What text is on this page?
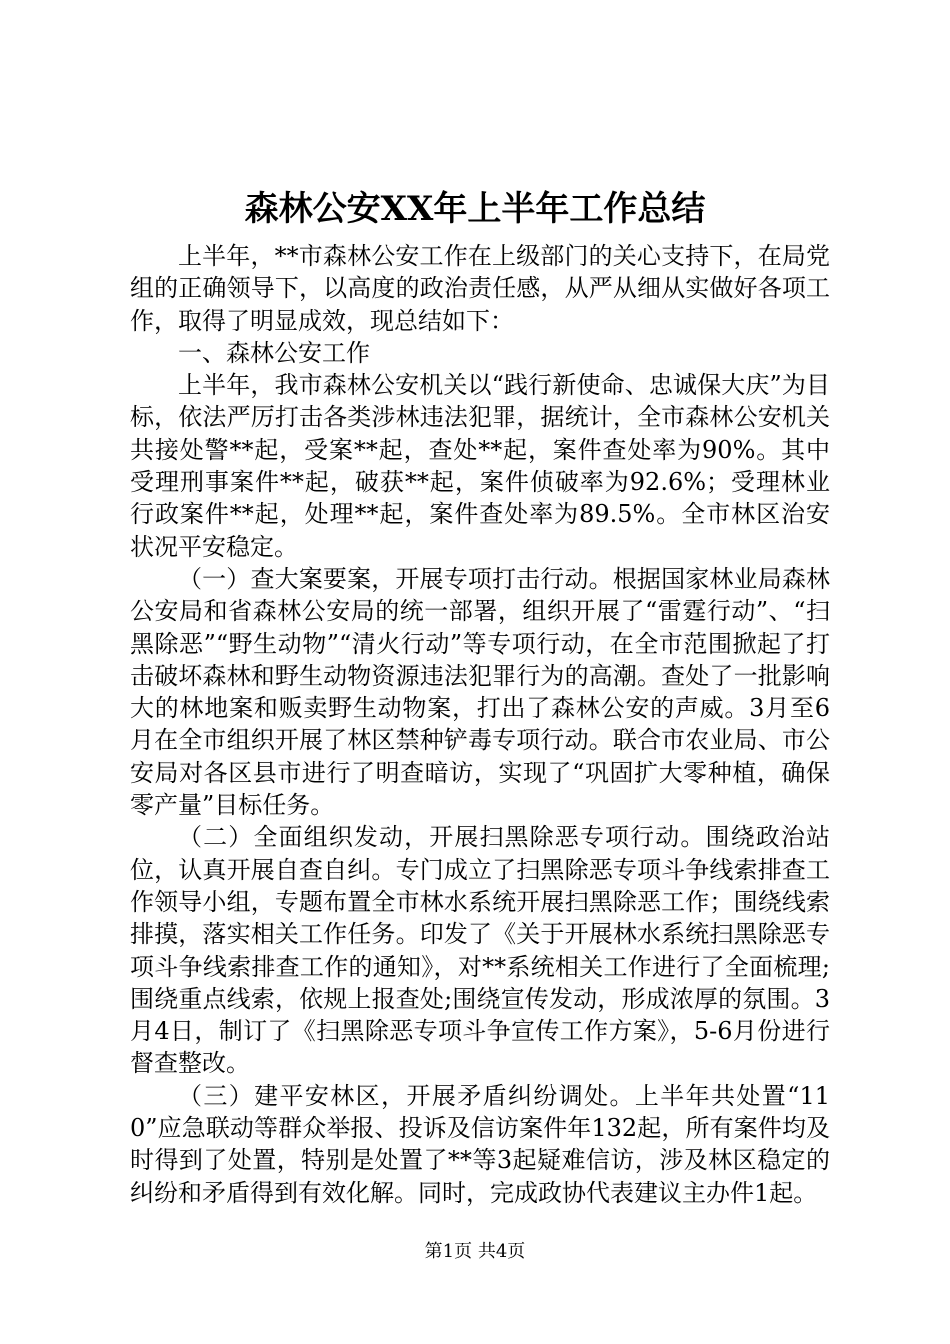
森林公安XX年上半年工作总结

上半年，**市森林公安工作在上级部门的关心支持下，在局党组的正确领导下，以高度的政治责任感，从严从细从实做好各项工作，取得了明显成效，现总结如下：

一、森林公安工作

上半年，我市森林公安机关以“践行新使命、忠诚保大庆”为目标，依法严厉打击各类涉林违法犯罪，据统计，全市森林公安机关共接处警**起，受案**起，查处**起，案件查处率为90%。其中受理刑事案件**起，破获**起，案件侦破率为92.6%；受理林业行政案件**起，处理**起，案件查处率为89.5%。全市林区治安状况平安稳定。

（一）查大案要案，开展专项打击行动。根据国家林业局森林公安局和省森林公安局的统一部署，组织开展了“雷霆行动”、“扫黑除恶”“野生动物”“清火行动”等专项行动，在全市范围掀起了打击破坏森林和野生动物资源违法犯罪行为的高潮。查处了一批影响大的林地案和贩卖野生动物案，打出了森林公安的声威。3月至6月在全市组织开展了林区禁种铲毒专项行动。联合市农业局、市公安局对各区县市进行了明查暗访，实现了“巩固扩大零种植，确保零产量”目标任务。

（二）全面组织发动，开展扫黑除恶专项行动。围绕政治站位，认真开展自查自纠。专门成立了扫黑除恶专项斗争线索排查工作领导小组，专题布置全市林水系统开展扫黑除恶工作；围绕线索排摸，落实相关工作任务。印发了《关于开展林水系统扫黑除恶专项斗争线索排查工作的通知》，对**系统相关工作进行了全面梳理;围绕重点线索，依规上报查处;围绕宣传发动，形成浓厚的氛围。3月4日，制订了《扫黑除恶专项斗争宣传工作方案》，5-6月份进行督查整改。

（三）建平安林区，开展矛盾纠纷调处。上半年共处置“110”应急联动等群众举报、投诉及信访案件年132起，所有案件均及时得到了处置，特别是处置了**等3起疑难信访，涉及林区稳定的纠纷和矛盾得到有效化解。同时，完成政协代表建议主办件1起。

第1页 共4页
